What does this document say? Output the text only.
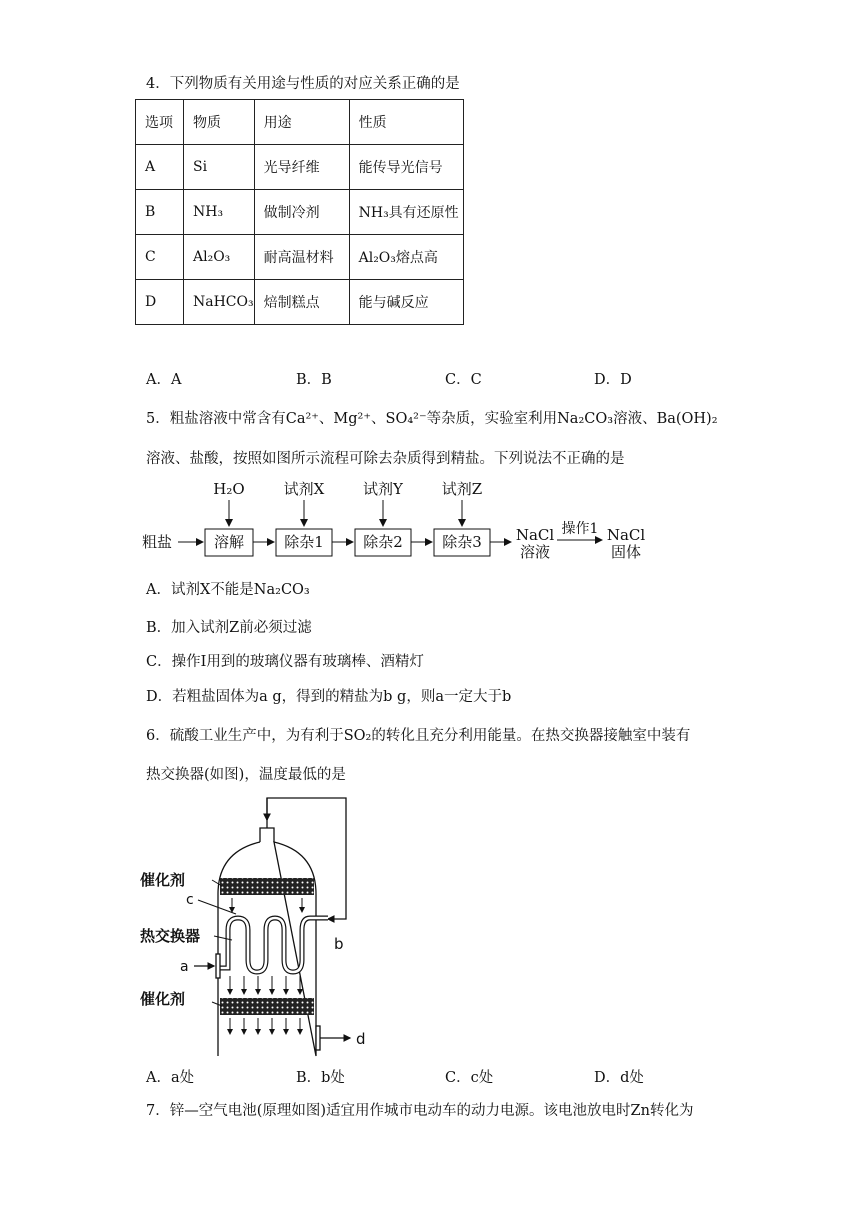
4．下列物质有关用途与性质的对应关系正确的是
选项	物质	用途	性质
A	Si	光导纤维	能传导光信号
B	NH₃	做制冷剂	NH₃具有还原性
C	Al₂O₃	耐高温材料	Al₂O₃熔点高
D	NaHCO₃	焙制糕点	能与碱反应
A．A	B．B	C．C	D．D
5．粗盐溶液中常含有Ca²⁺、Mg²⁺、SO₄²⁻等杂质，实验室利用Na₂CO₃溶液、Ba(OH)₂
溶液、盐酸，按照如图所示流程可除去杂质得到精盐。下列说法不正确的是
粗盐	溶解	除杂1	除杂2	除杂3
H₂O	试剂X	试剂Y	试剂Z
NaCl
溶液
操作1 NaCl
固体
A．试剂X不能是Na₂CO₃
B．加入试剂Z前必须过滤
C．操作I用到的玻璃仪器有玻璃棒、酒精灯
D．若粗盐固体为a g，得到的精盐为b g，则a一定大于b
6．硫酸工业生产中，为有利于SO₂的转化且充分利用能量。在热交换器接触室中装有
热交换器(如图)，温度最低的是
催化剂
c
热交换器
a
催化剂
b
d
A．a处	B．b处	C．c处	D．d处
7．锌—空气电池(原理如图)适宜用作城市电动车的动力电源。该电池放电时Zn转化为
